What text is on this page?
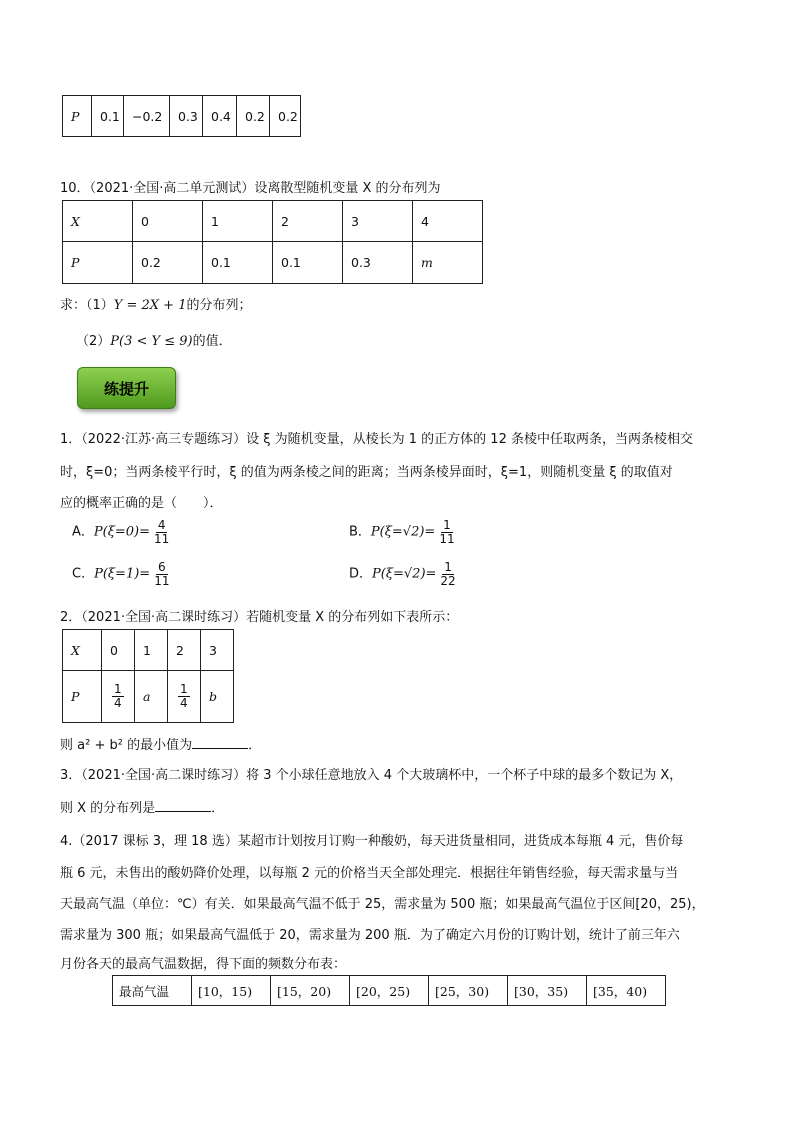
P	0.1	−0.2	0.3	0.4	0.2	0.2
10．（2021·全国·高二单元测试）设离散型随机变量 X 的分布列为
X	0	1	2	3	4
P	0.2	0.1	0.1	0.3	m
求：（1）Y = 2X + 1的分布列；
（2）P(3 < Y ≤ 9)的值．
练提升
1．（2022·江苏·高三专题练习）设 ξ 为随机变量，从棱长为 1 的正方体的 12 条棱中任取两条，当两条棱相交
时，ξ=0；当两条棱平行时，ξ 的值为两条棱之间的距离；当两条棱异面时，ξ=1，则随机变量 ξ 的取值对
应的概率正确的是（　　）．
A．$P(\xi=0)= \frac{4}{11}$	B．$P(\xi=√2)= \frac{1}{11}$
C．$P(\xi=1)= \frac{6}{11}$	D．$P(\xi=√2)= \frac{1}{22}$
2．（2021·全国·高二课时练习）若随机变量 X 的分布列如下表所示：
X	0	1	2	3
P	$\frac{1}{4}$	a	$\frac{1}{4}$	b
则 a² + b² 的最小值为	．
3．（2021·全国·高二课时练习）将 3 个小球任意地放入 4 个大玻璃杯中，一个杯子中球的最多个数记为 X，
则 X 的分布列是	．
4.（2017 课标 3，理 18 选）某超市计划按月订购一种酸奶，每天进货量相同，进货成本每瓶 4 元，售价每
瓶 6 元，未售出的酸奶降价处理，以每瓶 2 元的价格当天全部处理完．根据往年销售经验，每天需求量与当
天最高气温（单位：℃）有关．如果最高气温不低于 25，需求量为 500 瓶；如果最高气温位于区间[20，25)，
需求量为 300 瓶；如果最高气温低于 20，需求量为 200 瓶．为了确定六月份的订购计划，统计了前三年六
月份各天的最高气温数据，得下面的频数分布表：
最高气温	[10，15)	[15，20)	[20，25)	[25，30)	[30，35)	[35，40)
